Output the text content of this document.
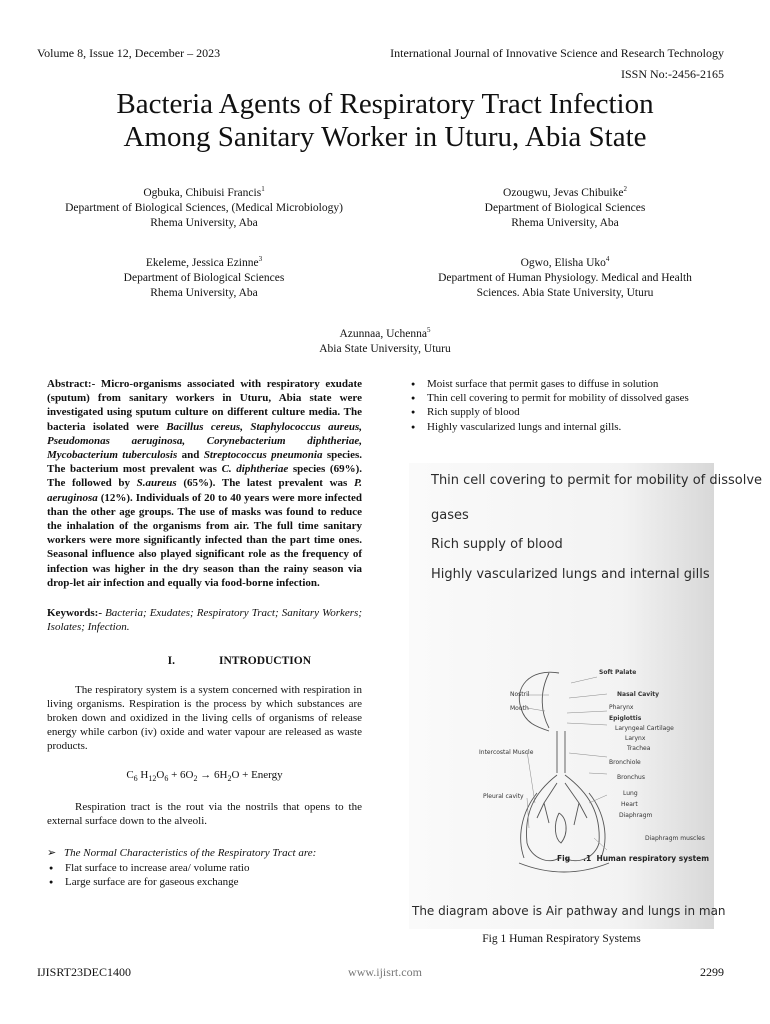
Volume 8, Issue 12, December – 2023	International Journal of Innovative Science and Research Technology
ISSN No:-2456-2165
Bacteria Agents of Respiratory Tract Infection
Among Sanitary Worker in Uturu, Abia State
Ogbuka, Chibuisi Francis$^1$
Department of Biological Sciences, (Medical Microbiology)
Rhema University, Aba
Ozougwu, Jevas Chibuike$^2$
Department of Biological Sciences
Rhema University, Aba
Ekeleme, Jessica Ezinne$^3$
Department of Biological Sciences
Rhema University, Aba
Ogwo, Elisha Uko$^4$
Department of Human Physiology. Medical and Health
Sciences. Abia State University, Uturu
Azunnaa, Uchenna$^5$
Abia State University, Uturu

Abstract:- Micro-organisms associated with respiratory exudate (sputum) from sanitary workers in Uturu, Abia state were investigated using sputum culture on different culture media. The bacteria isolated were Bacillus cereus, Staphylococcus aureus, Pseudomonas aeruginosa, Corynebacterium diphtheriae, Mycobacterium tuberculosis and Streptococcus pneumonia species. The bacterium most prevalent was C. diphtheriae species (69%). The followed by S.aureus (65%). The latest prevalent was P. aeruginosa (12%). Individuals of 20 to 40 years were more infected than the other age groups. The use of masks was found to reduce the inhalation of the organisms from air. The full time sanitary workers were more significantly infected than the part time ones. Seasonal influence also played significant role as the frequency of infection was higher in the dry season than the rainy season via drop-let air infection and equally via food-borne infection.

Keywords:- Bacteria; Exudates; Respiratory Tract; Sanitary Workers; Isolates; Infection.

I.	INTRODUCTION

The respiratory system is a system concerned with respiration in living organisms. Respiration is the process by which substances are broken down and oxidized in the living cells of organisms of release energy while carbon (iv) oxide and water vapour are released as waste products.

$C_6$ $H_{12}O_6 + 6O_2 \to 6H_2O$ + Energy

Respiration tract is the rout via the nostrils that opens to the external surface down to the alveoli.

➢ The Normal Characteristics of the Respiratory Tract are:
● Flat surface to increase area/ volume ratio
● Large surface are for gaseous exchange
● Moist surface that permit gases to diffuse in solution
● Thin cell covering to permit for mobility of dissolved gases
● Rich supply of blood
● Highly vascularized lungs and internal gills.
Thin cell covering to permit for mobility of dissolve
gases
Rich supply of blood
Highly vascularized lungs and internal gills
Soft Palate
Nasal Cavity
Pharynx
Epiglottis
Laryngeal Cartilage
Larynx
Trachea
Bronchiole
Bronchus
Lung
Heart
Diaphragm
Diaphragm muscles
Nostril
Mouth
Intercostal Muscle
Pleural cavity
Fig     .1 Human respiratory system
The diagram above is Air pathway and lungs in man
Fig 1 Human Respiratory Systems
IJISRT23DEC1400	www.ijisrt.com	2299
